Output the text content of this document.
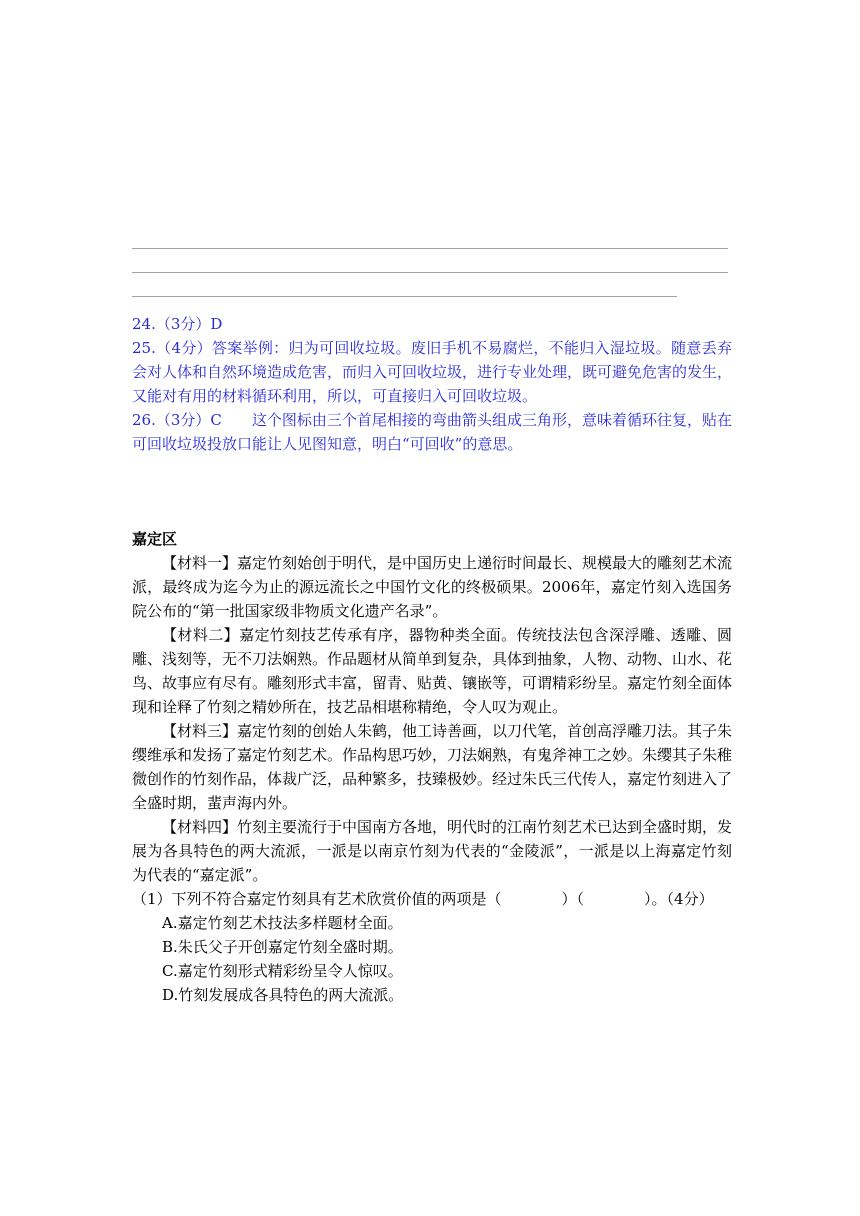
24.（3分）D

25.（4分）答案举例：归为可回收垃圾。废旧手机不易腐烂，不能归入湿垃圾。随意丢弃会对人体和自然环境造成危害，而归入可回收垃圾，进行专业处理，既可避免危害的发生，又能对有用的材料循环利用，所以，可直接归入可回收垃圾。

26.（3分）C　　这个图标由三个首尾相接的弯曲箭头组成三角形，意味着循环往复，贴在可回收垃圾投放口能让人见图知意，明白“可回收”的意思。

嘉定区

【材料一】嘉定竹刻始创于明代，是中国历史上递衍时间最长、规模最大的雕刻艺术流派，最终成为迄今为止的源远流长之中国竹文化的终极硕果。2006年，嘉定竹刻入选国务院公布的“第一批国家级非物质文化遗产名录”。

【材料二】嘉定竹刻技艺传承有序，器物种类全面。传统技法包含深浮雕、透雕、圆雕、浅刻等，无不刀法娴熟。作品题材从简单到复杂，具体到抽象，人物、动物、山水、花鸟、故事应有尽有。雕刻形式丰富，留青、贴黄、镶嵌等，可谓精彩纷呈。嘉定竹刻全面体现和诠释了竹刻之精妙所在，技艺品相堪称精绝，令人叹为观止。

【材料三】嘉定竹刻的创始人朱鹤，他工诗善画，以刀代笔，首创高浮雕刀法。其子朱缨维承和发扬了嘉定竹刻艺术。作品构思巧妙，刀法娴熟，有鬼斧神工之妙。朱缨其子朱稚微创作的竹刻作品，体裁广泛，品种繁多，技臻极妙。经过朱氏三代传人，嘉定竹刻进入了全盛时期，蜚声海内外。

【材料四】竹刻主要流行于中国南方各地，明代时的江南竹刻艺术已达到全盛时期，发展为各具特色的两大流派，一派是以南京竹刻为代表的“金陵派”，一派是以上海嘉定竹刻为代表的“嘉定派”。

（1）下列不符合嘉定竹刻具有艺术欣赏价值的两项是（　　　　）（　　　　）。（4分）

A.嘉定竹刻艺术技法多样题材全面。

B.朱氏父子开创嘉定竹刻全盛时期。

C.嘉定竹刻形式精彩纷呈令人惊叹。

D.竹刻发展成各具特色的两大流派。
